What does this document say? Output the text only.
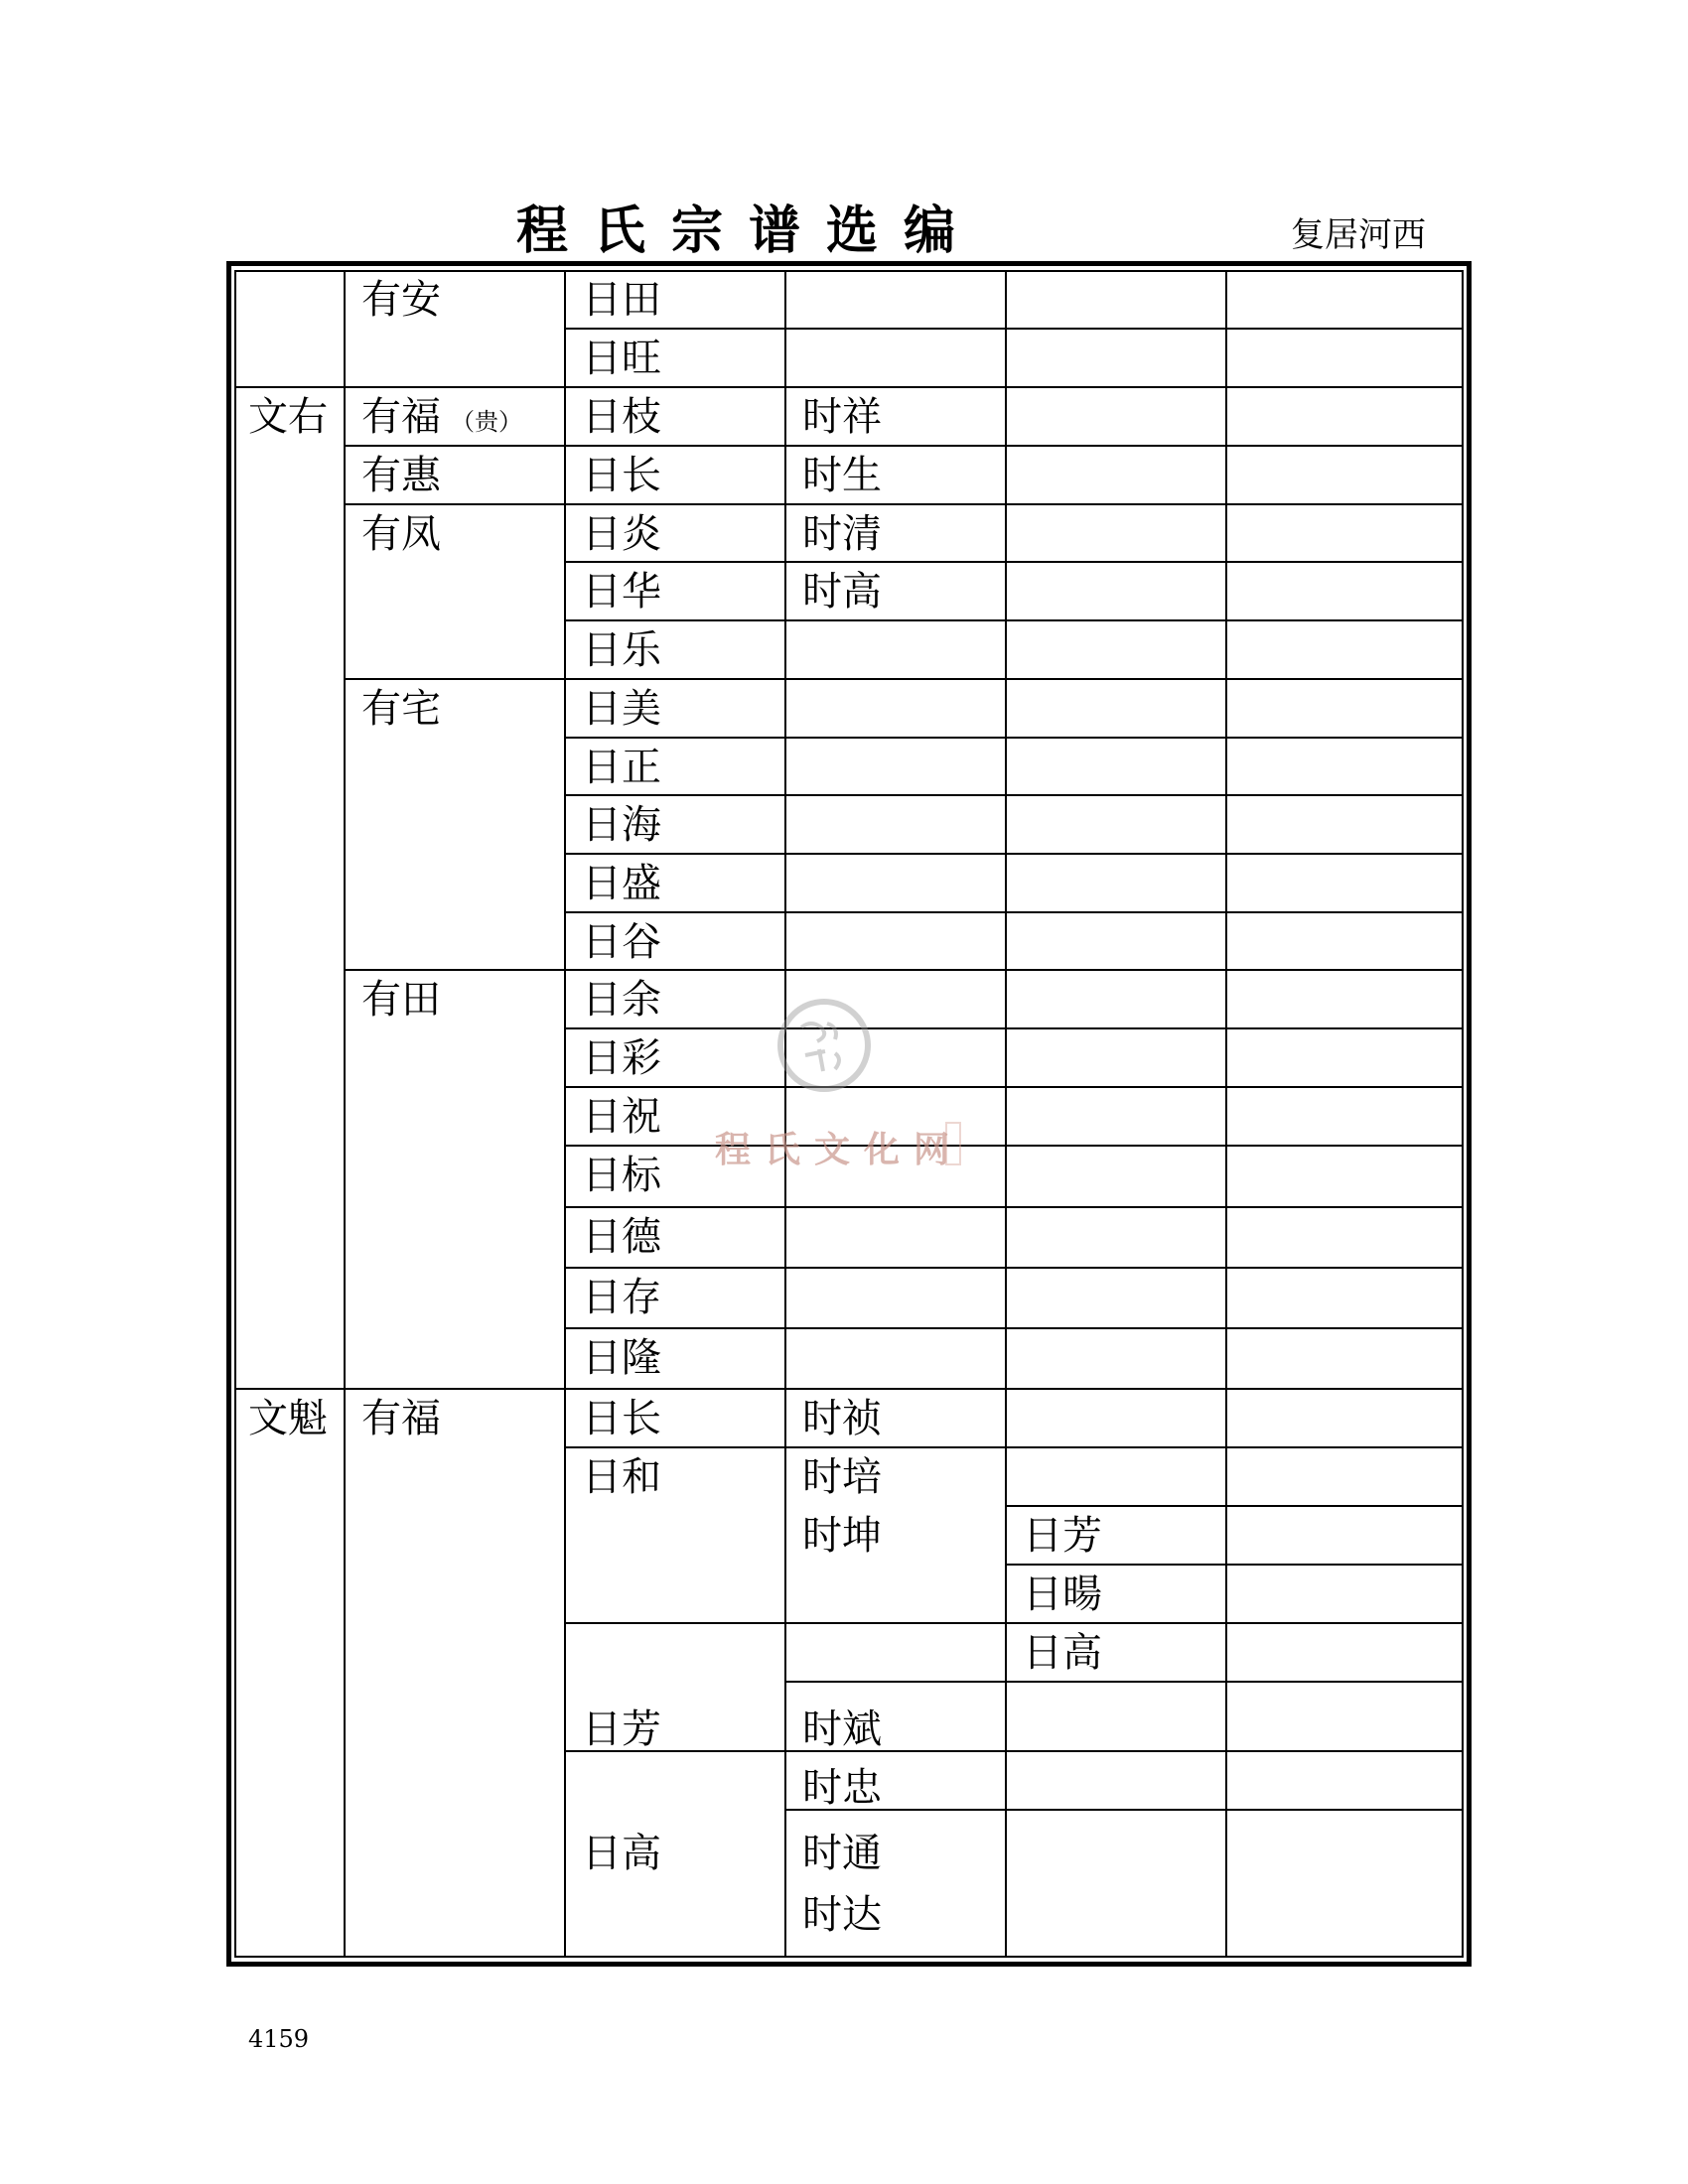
程氏宗谱选编	复居河西
文右
文魁
有安
有福 （贵）
有惠
有凤
有宅
有田
有福
日田
日旺
日枝
日长
日炎
日华
日乐
日美
日正
日海
日盛
日谷
日余
日彩
日祝
日标
日德
日存
日隆
日长
日和
日芳
日高
时祥
时生
时清
时高
时祯
时培
时坤
时斌
时忠
时通
时达
日芳
日暘
日高
程氏文化网
4159
